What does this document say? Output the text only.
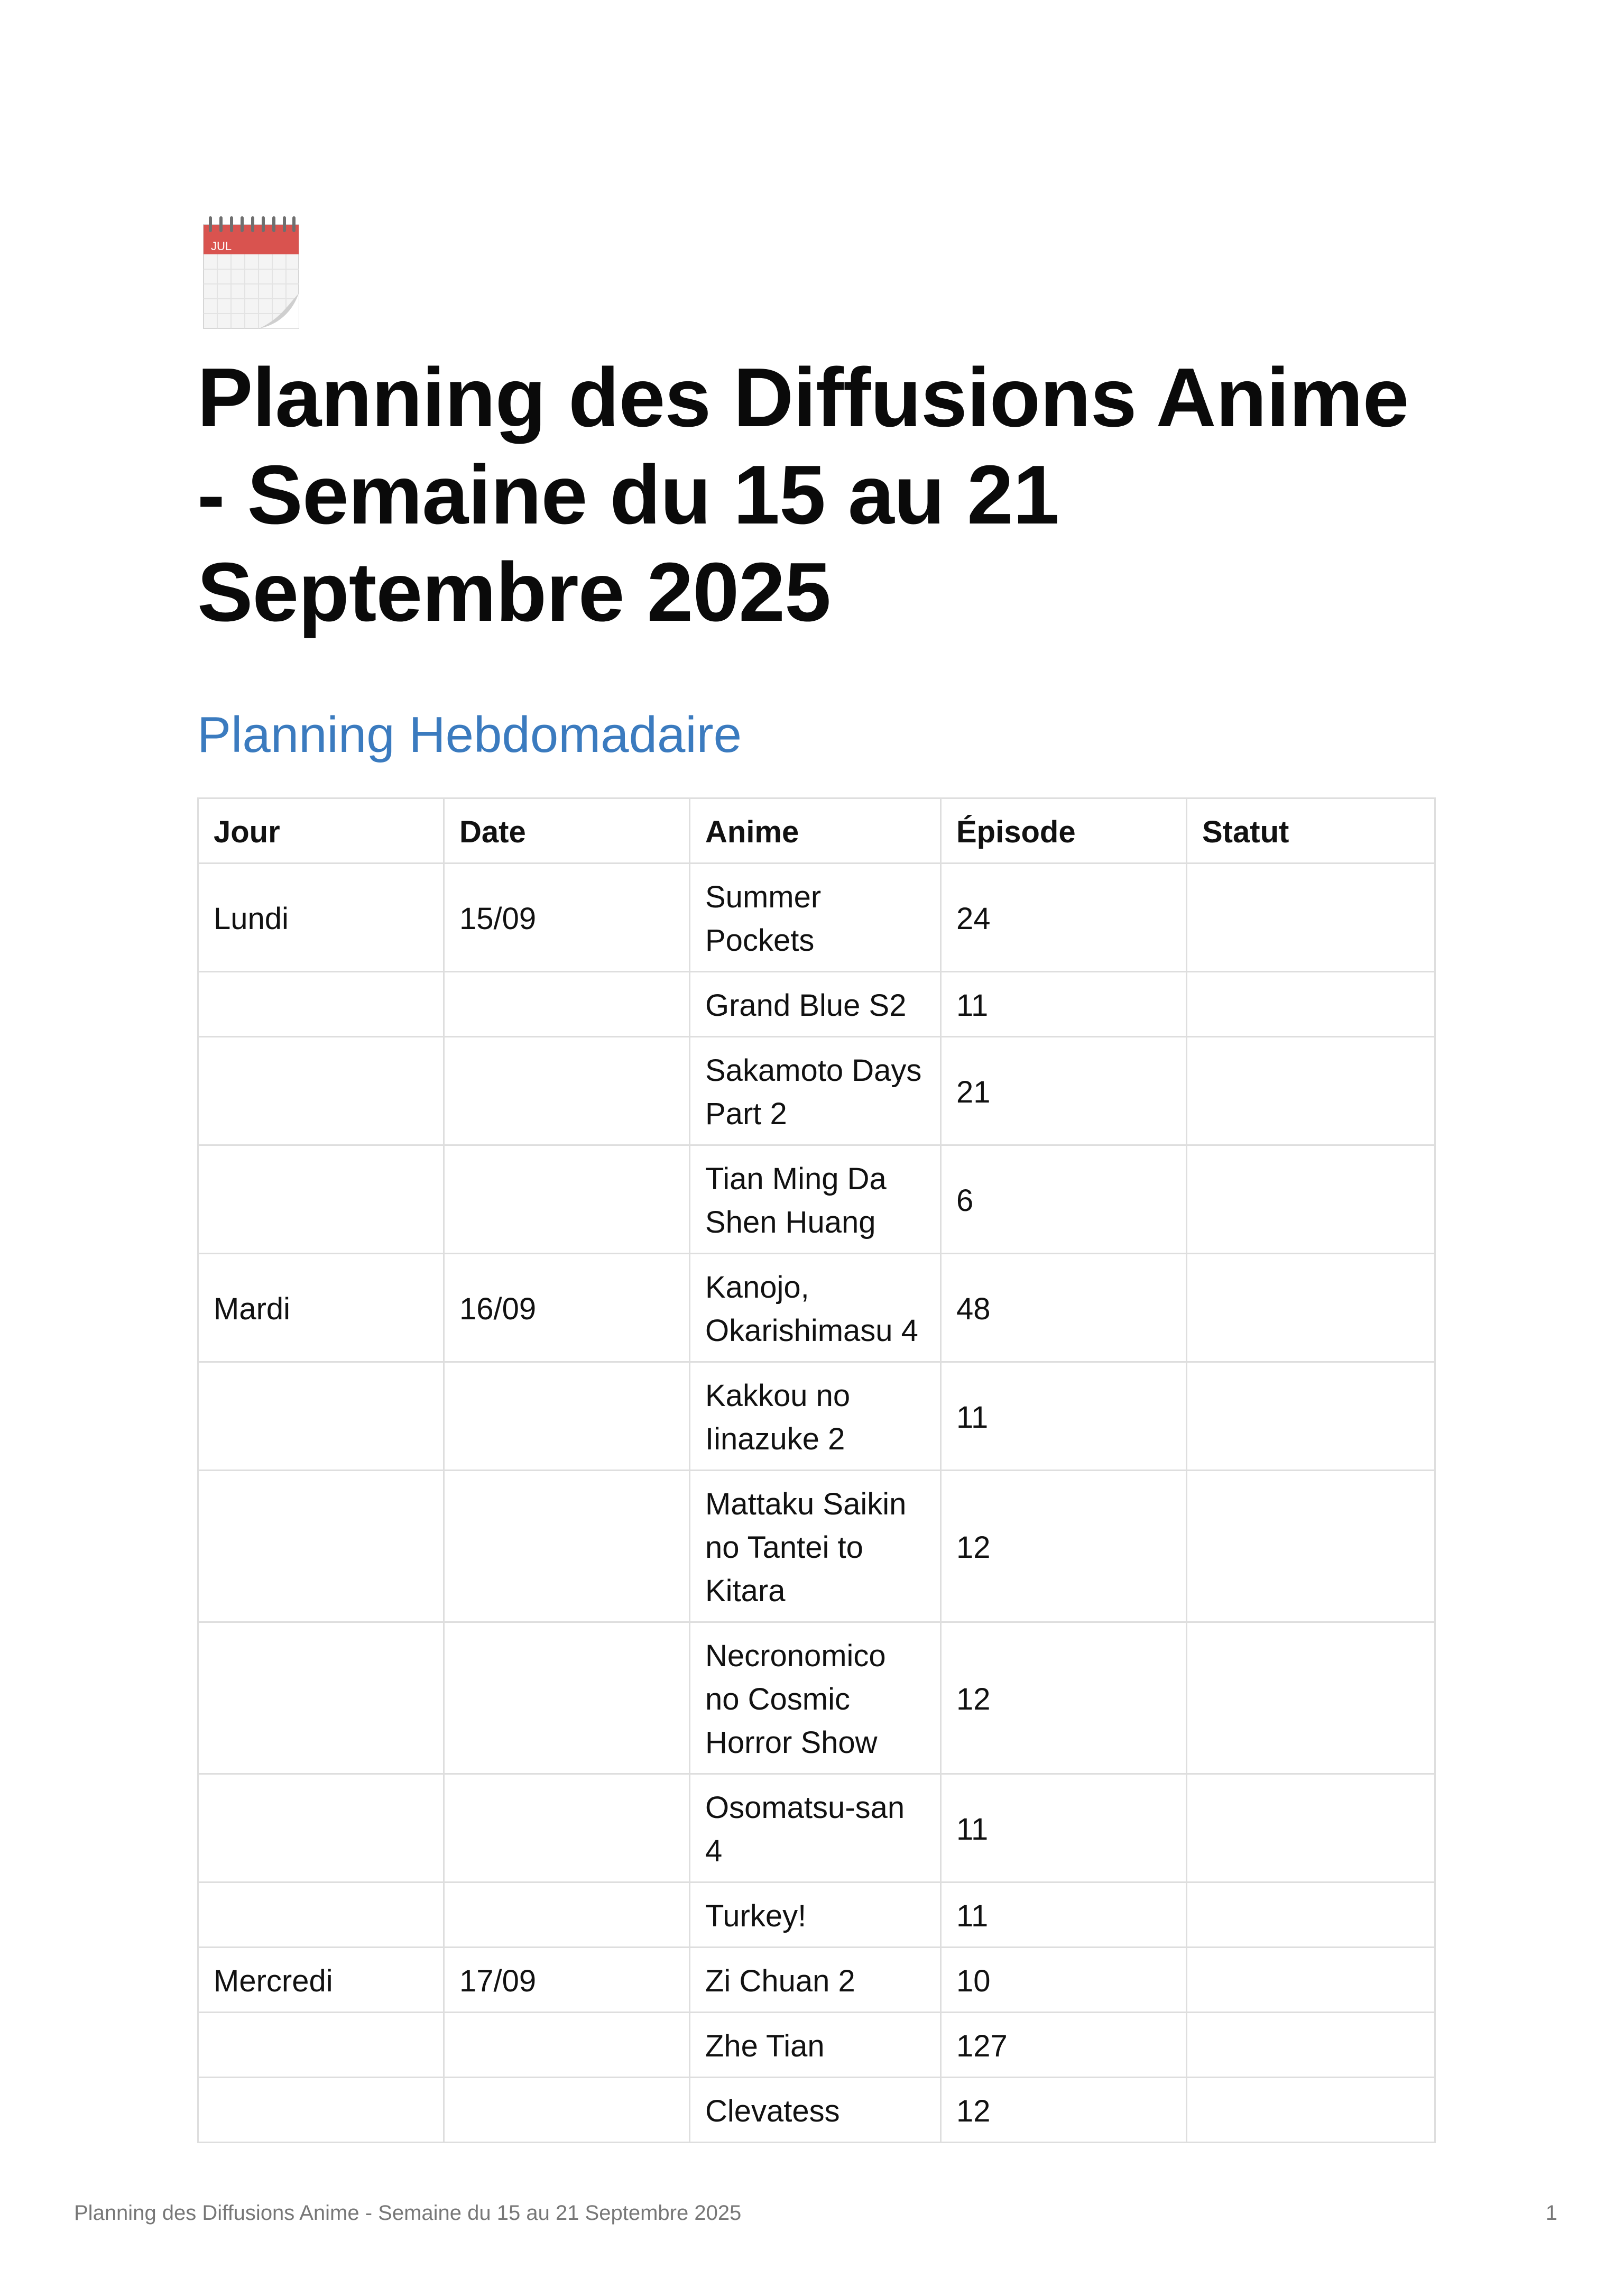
JUL
Planning des Diffusions Anime - Semaine du 15 au 21 Septembre 2025
Planning Hebdomadaire
Jour	Date	Anime	Épisode	Statut
Lundi	15/09	Summer Pockets	24	
		Grand Blue S2	11	
		Sakamoto Days Part 2	21	
		Tian Ming Da Shen Huang	6	
Mardi	16/09	Kanojo, Okarishimasu 4	48	
		Kakkou no Iinazuke 2	11	
		Mattaku Saikin no Tantei to Kitara	12	
		Necronomico no Cosmic Horror Show	12	
		Osomatsu-san 4	11	
		Turkey!	11	
Mercredi	17/09	Zi Chuan 2	10	
		Zhe Tian	127	
		Clevatess	12	
Planning des Diffusions Anime - Semaine du 15 au 21 Septembre 2025	1
